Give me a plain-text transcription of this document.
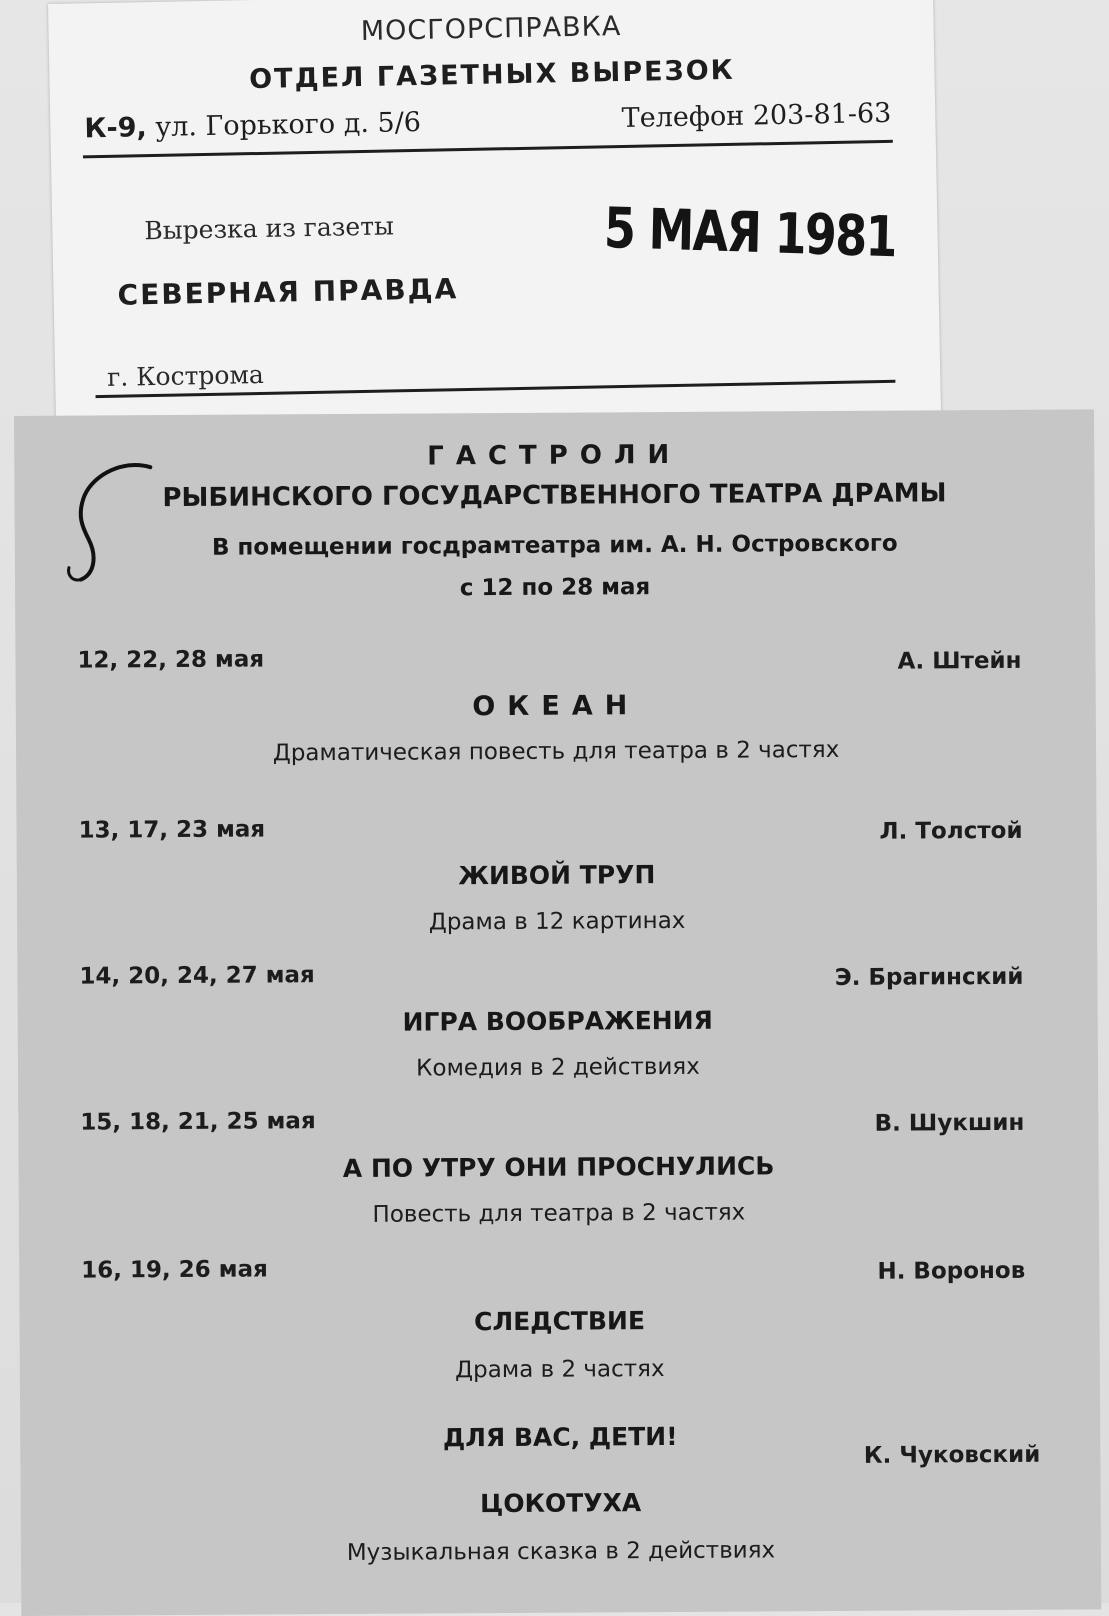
МОСГОРСПРАВКА
ОТДЕЛ ГАЗЕТНЫХ ВЫРЕЗОК
К-9, ул. Горького д. 5/6	Телефон 203-81-63
Вырезка из газеты
СЕВЕРНАЯ ПРАВДА
г. Кострома
5 МАЯ 1981
ГАСТРОЛИ
РЫБИНСКОГО ГОСУДАРСТВЕННОГО ТЕАТРА ДРАМЫ
В помещении госдрамтеатра им. А. Н. Островского
с 12 по 28 мая
12, 22, 28 мая	А. Штейн
ОКЕАН
Драматическая повесть для театра в 2 частях
13, 17, 23 мая	Л. Толстой
ЖИВОЙ ТРУП
Драма в 12 картинах
14, 20, 24, 27 мая	Э. Брагинский
ИГРА ВООБРАЖЕНИЯ
Комедия в 2 действиях
15, 18, 21, 25 мая	В. Шукшин
А ПО УТРУ ОНИ ПРОСНУЛИСЬ
Повесть для театра в 2 частях
16, 19, 26 мая	Н. Воронов
СЛЕДСТВИЕ
Драма в 2 частях
ДЛЯ ВАС, ДЕТИ!
К. Чуковский
ЦОКОТУХА
Музыкальная сказка в 2 действиях
